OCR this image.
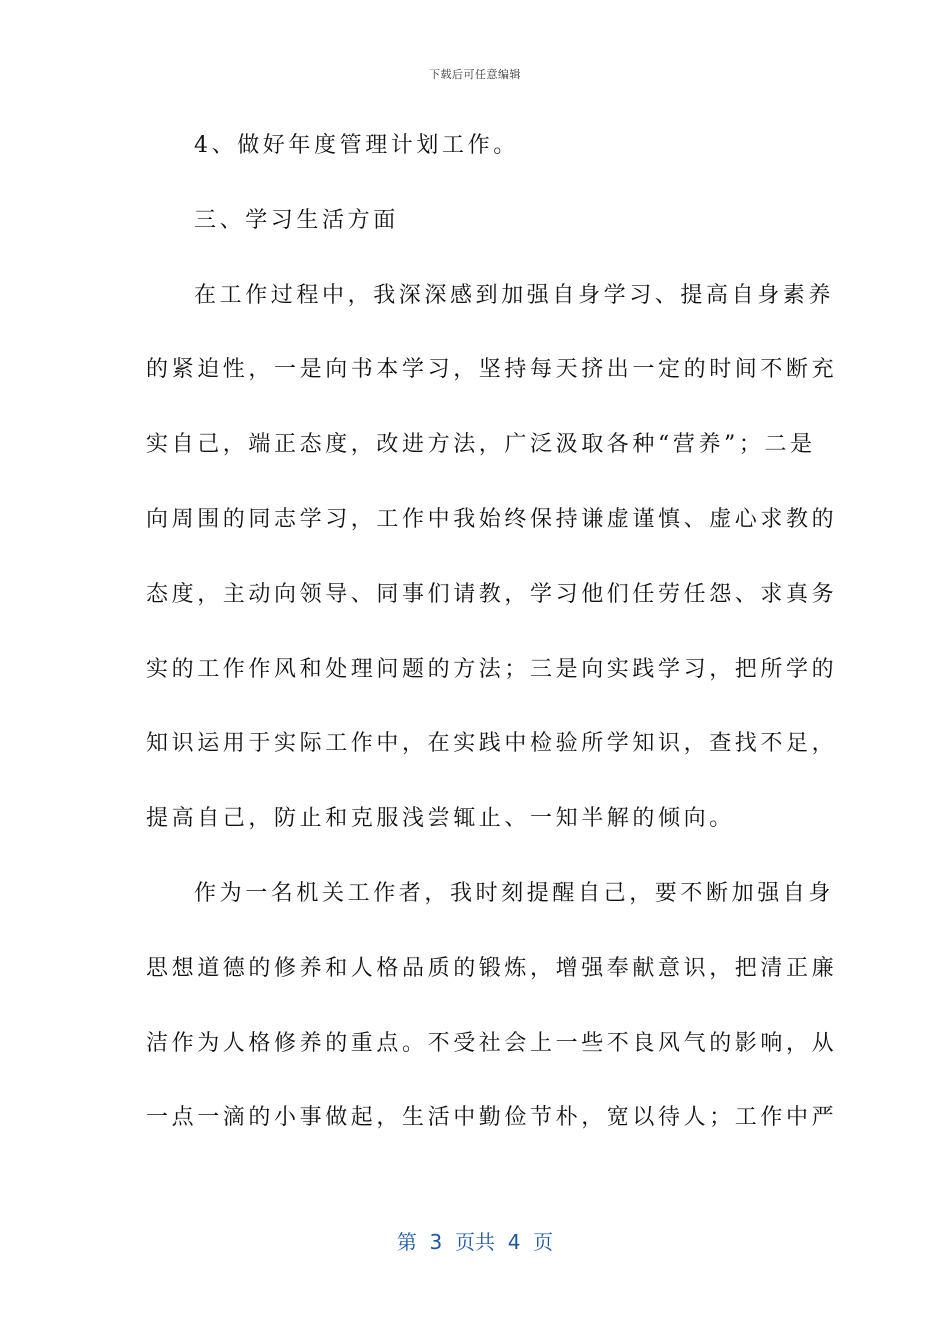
下载后可任意编辑
4、做好年度管理计划工作。
三、学习生活方面
在工作过程中，我深深感到加强自身学习、提高自身素养
的紧迫性，一是向书本学习，坚持每天挤出一定的时间不断充
实自己，端正态度，改进方法，广泛汲取各种“营养”；二是
向周围的同志学习，工作中我始终保持谦虚谨慎、虚心求教的
态度，主动向领导、同事们请教，学习他们任劳任怨、求真务
实的工作作风和处理问题的方法；三是向实践学习，把所学的
知识运用于实际工作中，在实践中检验所学知识，查找不足，
提高自己，防止和克服浅尝辄止、一知半解的倾向。
作为一名机关工作者，我时刻提醒自己，要不断加强自身
思想道德的修养和人格品质的锻炼，增强奉献意识，把清正廉
洁作为人格修养的重点。不受社会上一些不良风气的影响，从
一点一滴的小事做起，生活中勤俭节朴，宽以待人；工作中严
第  3  页共  4  页
